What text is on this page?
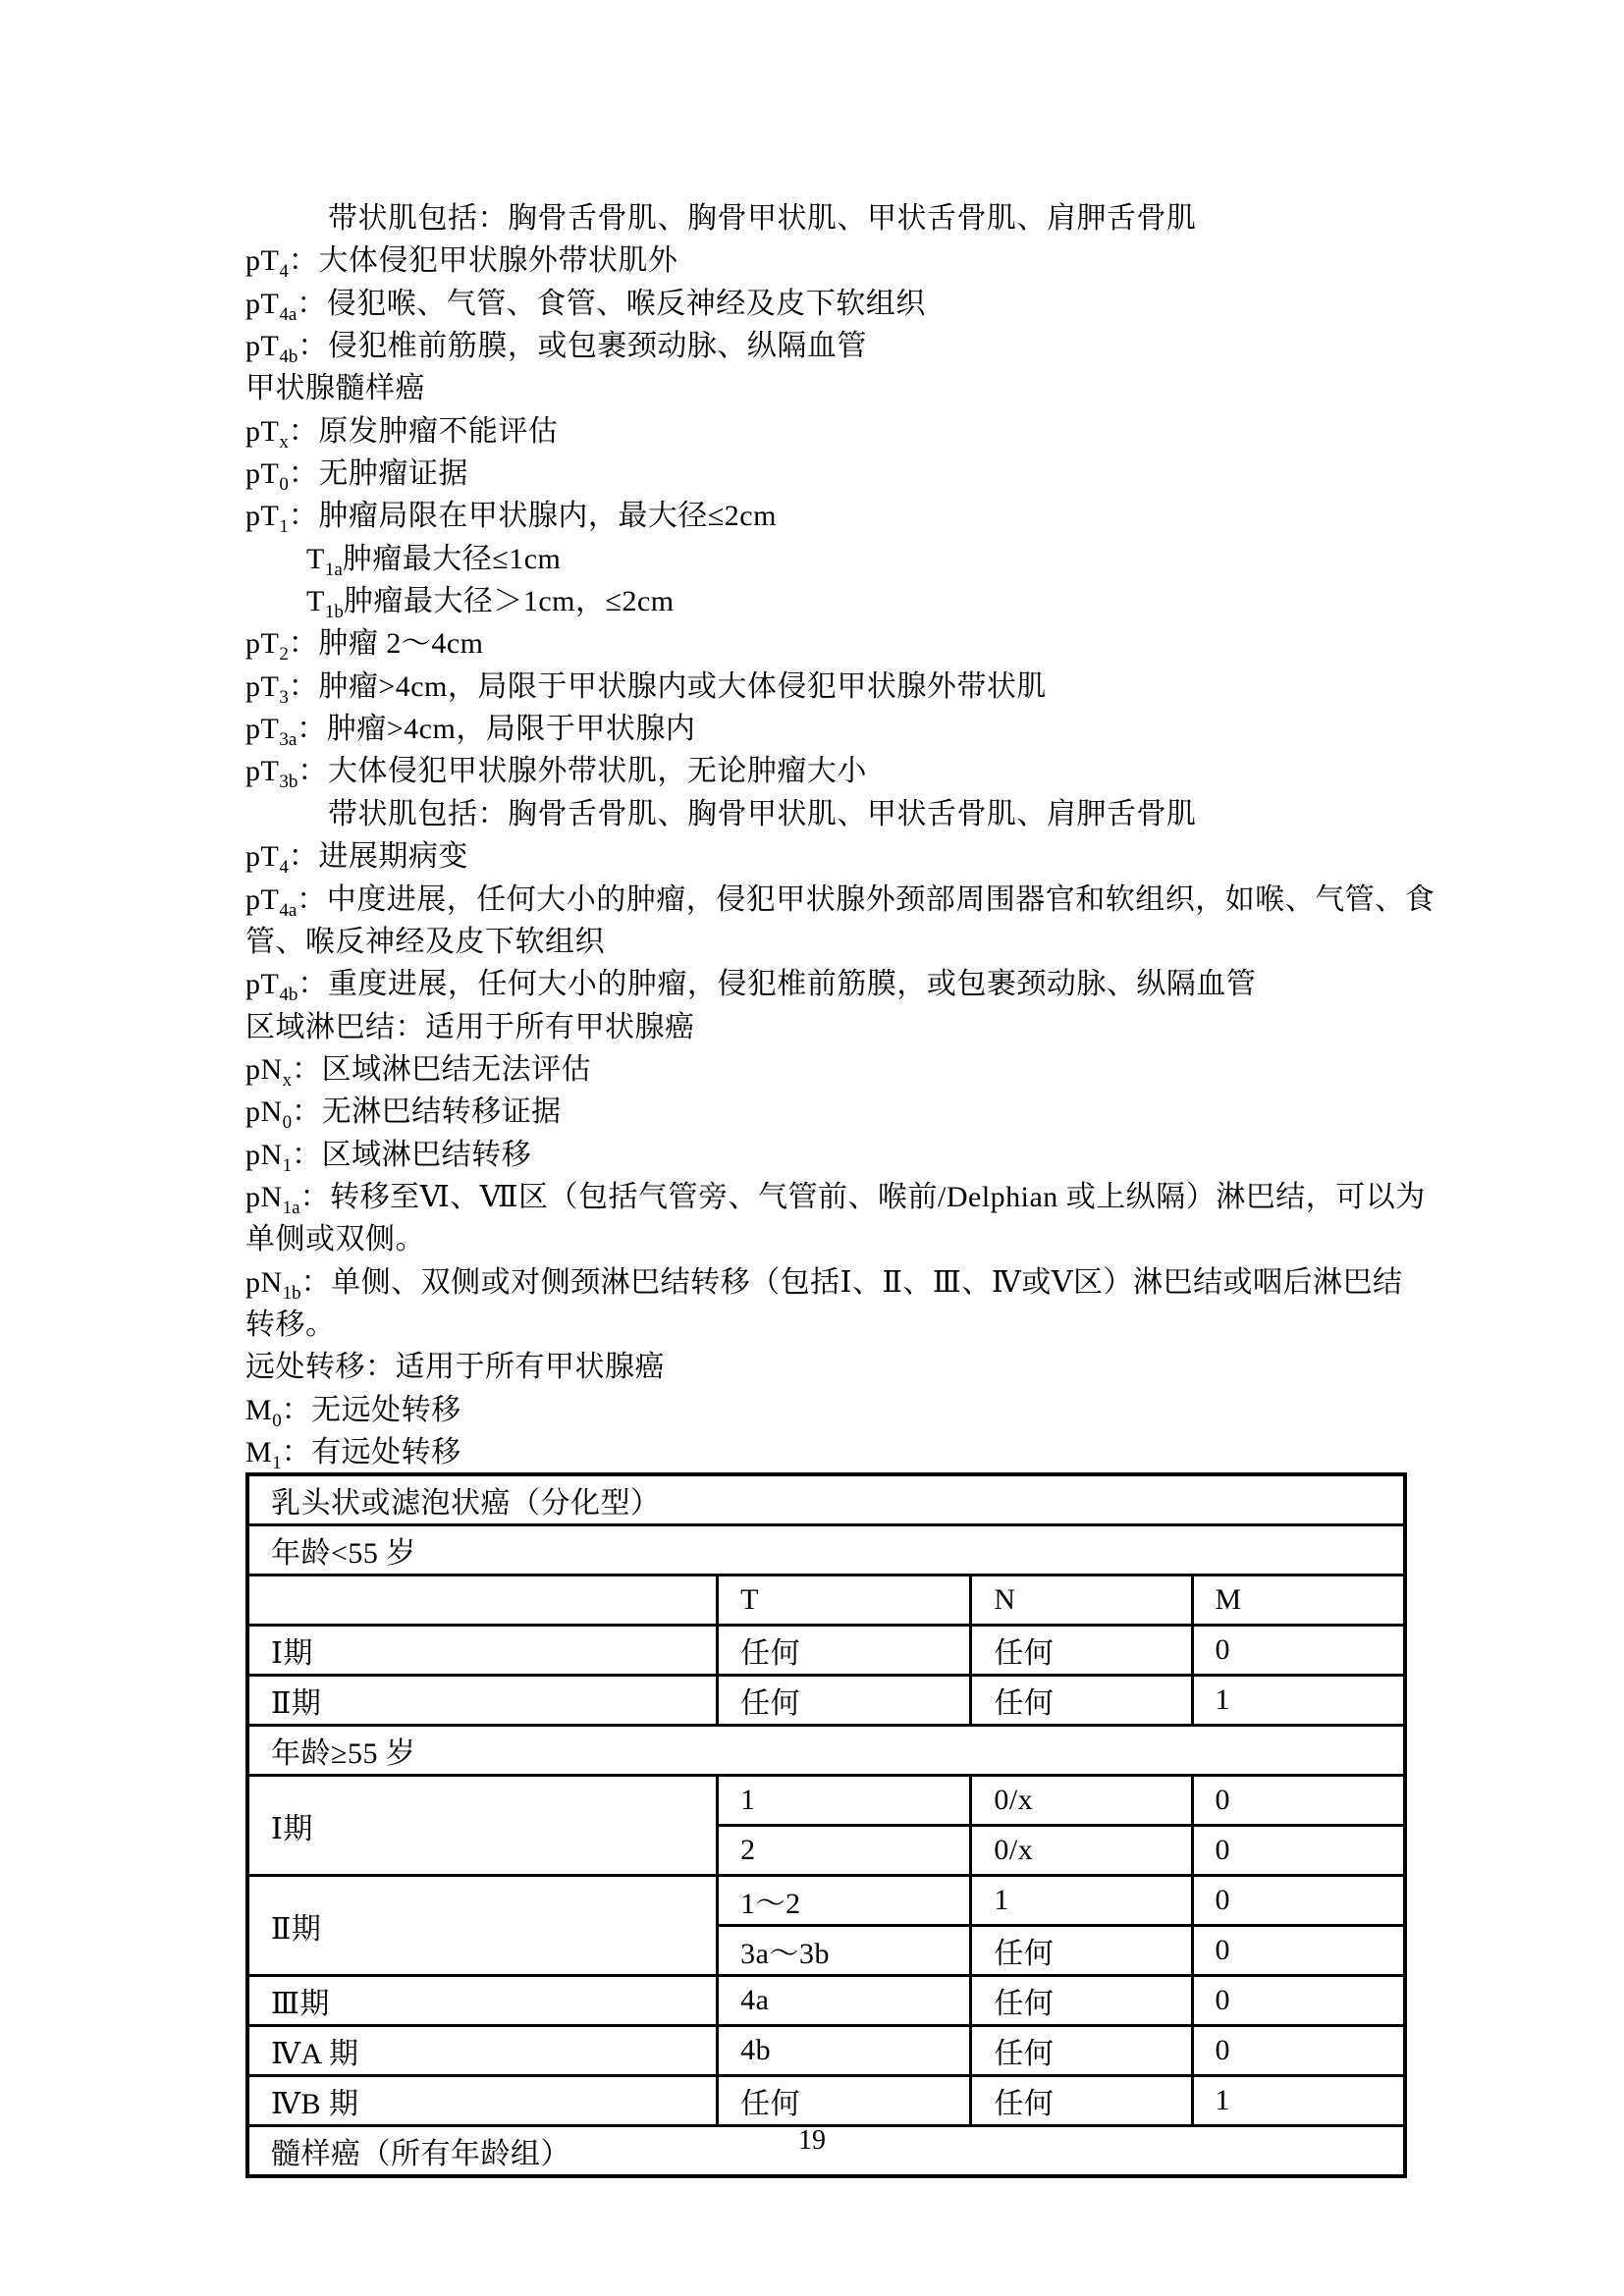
带状肌包括：胸骨舌骨肌、胸骨甲状肌、甲状舌骨肌、肩胛舌骨肌
$pT_4$：大体侵犯甲状腺外带状肌外
$pT_{4a}$：侵犯喉、气管、食管、喉反神经及皮下软组织
$pT_{4b}$：侵犯椎前筋膜，或包裹颈动脉、纵隔血管
甲状腺髓样癌
$pT_x$：原发肿瘤不能评估
$pT_0$：无肿瘤证据
$pT_1$：肿瘤局限在甲状腺内，最大径≤2cm
$T_{1a}$肿瘤最大径≤1cm
$T_{1b}$肿瘤最大径＞1cm，≤2cm
$pT_2$：肿瘤 2～4cm
$pT_3$：肿瘤>4cm，局限于甲状腺内或大体侵犯甲状腺外带状肌
$pT_{3a}$：肿瘤>4cm，局限于甲状腺内
$pT_{3b}$：大体侵犯甲状腺外带状肌，无论肿瘤大小
带状肌包括：胸骨舌骨肌、胸骨甲状肌、甲状舌骨肌、肩胛舌骨肌
$pT_4$：进展期病变
$pT_{4a}$：中度进展，任何大小的肿瘤，侵犯甲状腺外颈部周围器官和软组织，如喉、气管、食
管、喉反神经及皮下软组织
$pT_{4b}$：重度进展，任何大小的肿瘤，侵犯椎前筋膜，或包裹颈动脉、纵隔血管
区域淋巴结：适用于所有甲状腺癌
$pN_x$：区域淋巴结无法评估
$pN_0$：无淋巴结转移证据
$pN_1$：区域淋巴结转移
$pN_{1a}$：转移至Ⅵ、Ⅶ区（包括气管旁、气管前、喉前/Delphian 或上纵隔）淋巴结，可以为
单侧或双侧。
$pN_{1b}$：单侧、双侧或对侧颈淋巴结转移（包括Ⅰ、Ⅱ、Ⅲ、Ⅳ或Ⅴ区）淋巴结或咽后淋巴结
转移。
远处转移：适用于所有甲状腺癌
$M_0$：无远处转移
$M_1$：有远处转移
乳头状或滤泡状癌（分化型）			
年龄<55 岁			
	T	N	M
Ⅰ期	任何	任何	0
Ⅱ期	任何	任何	1
年龄≥55 岁			
Ⅰ期	1	0/x	0
	2	0/x	0
Ⅱ期	1～2	1	0
	3a～3b	任何	0
Ⅲ期	4a	任何	0
ⅣA 期	4b	任何	0
ⅣB 期	任何	任何	1
髓样癌（所有年龄组）				19
